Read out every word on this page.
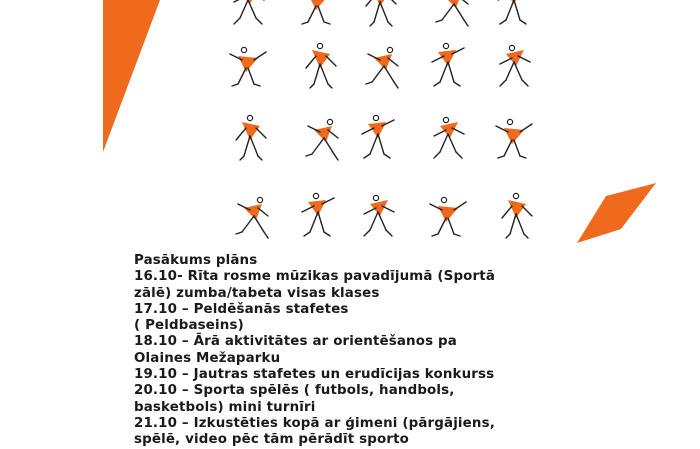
Pasākums plāns
16.10- Rīta rosme mūzikas pavadījumā (Sportā
zālē) zumba/tabeta visas klases
17.10 – Peldēšanās stafetes
( Peldbaseins)
18.10 – Ārā aktivitātes ar orientēšanos pa
Olaines Mežaparku
19.10 – Jautras stafetes un erudīcijas konkurss
20.10 – Sporta spēlēs ( futbols, handbols,
basketbols) mini turnīri
21.10 – Izkustēties kopā ar ģimeni (pārgājiens,
spēlē, video pēc tām pērādīt sporto
